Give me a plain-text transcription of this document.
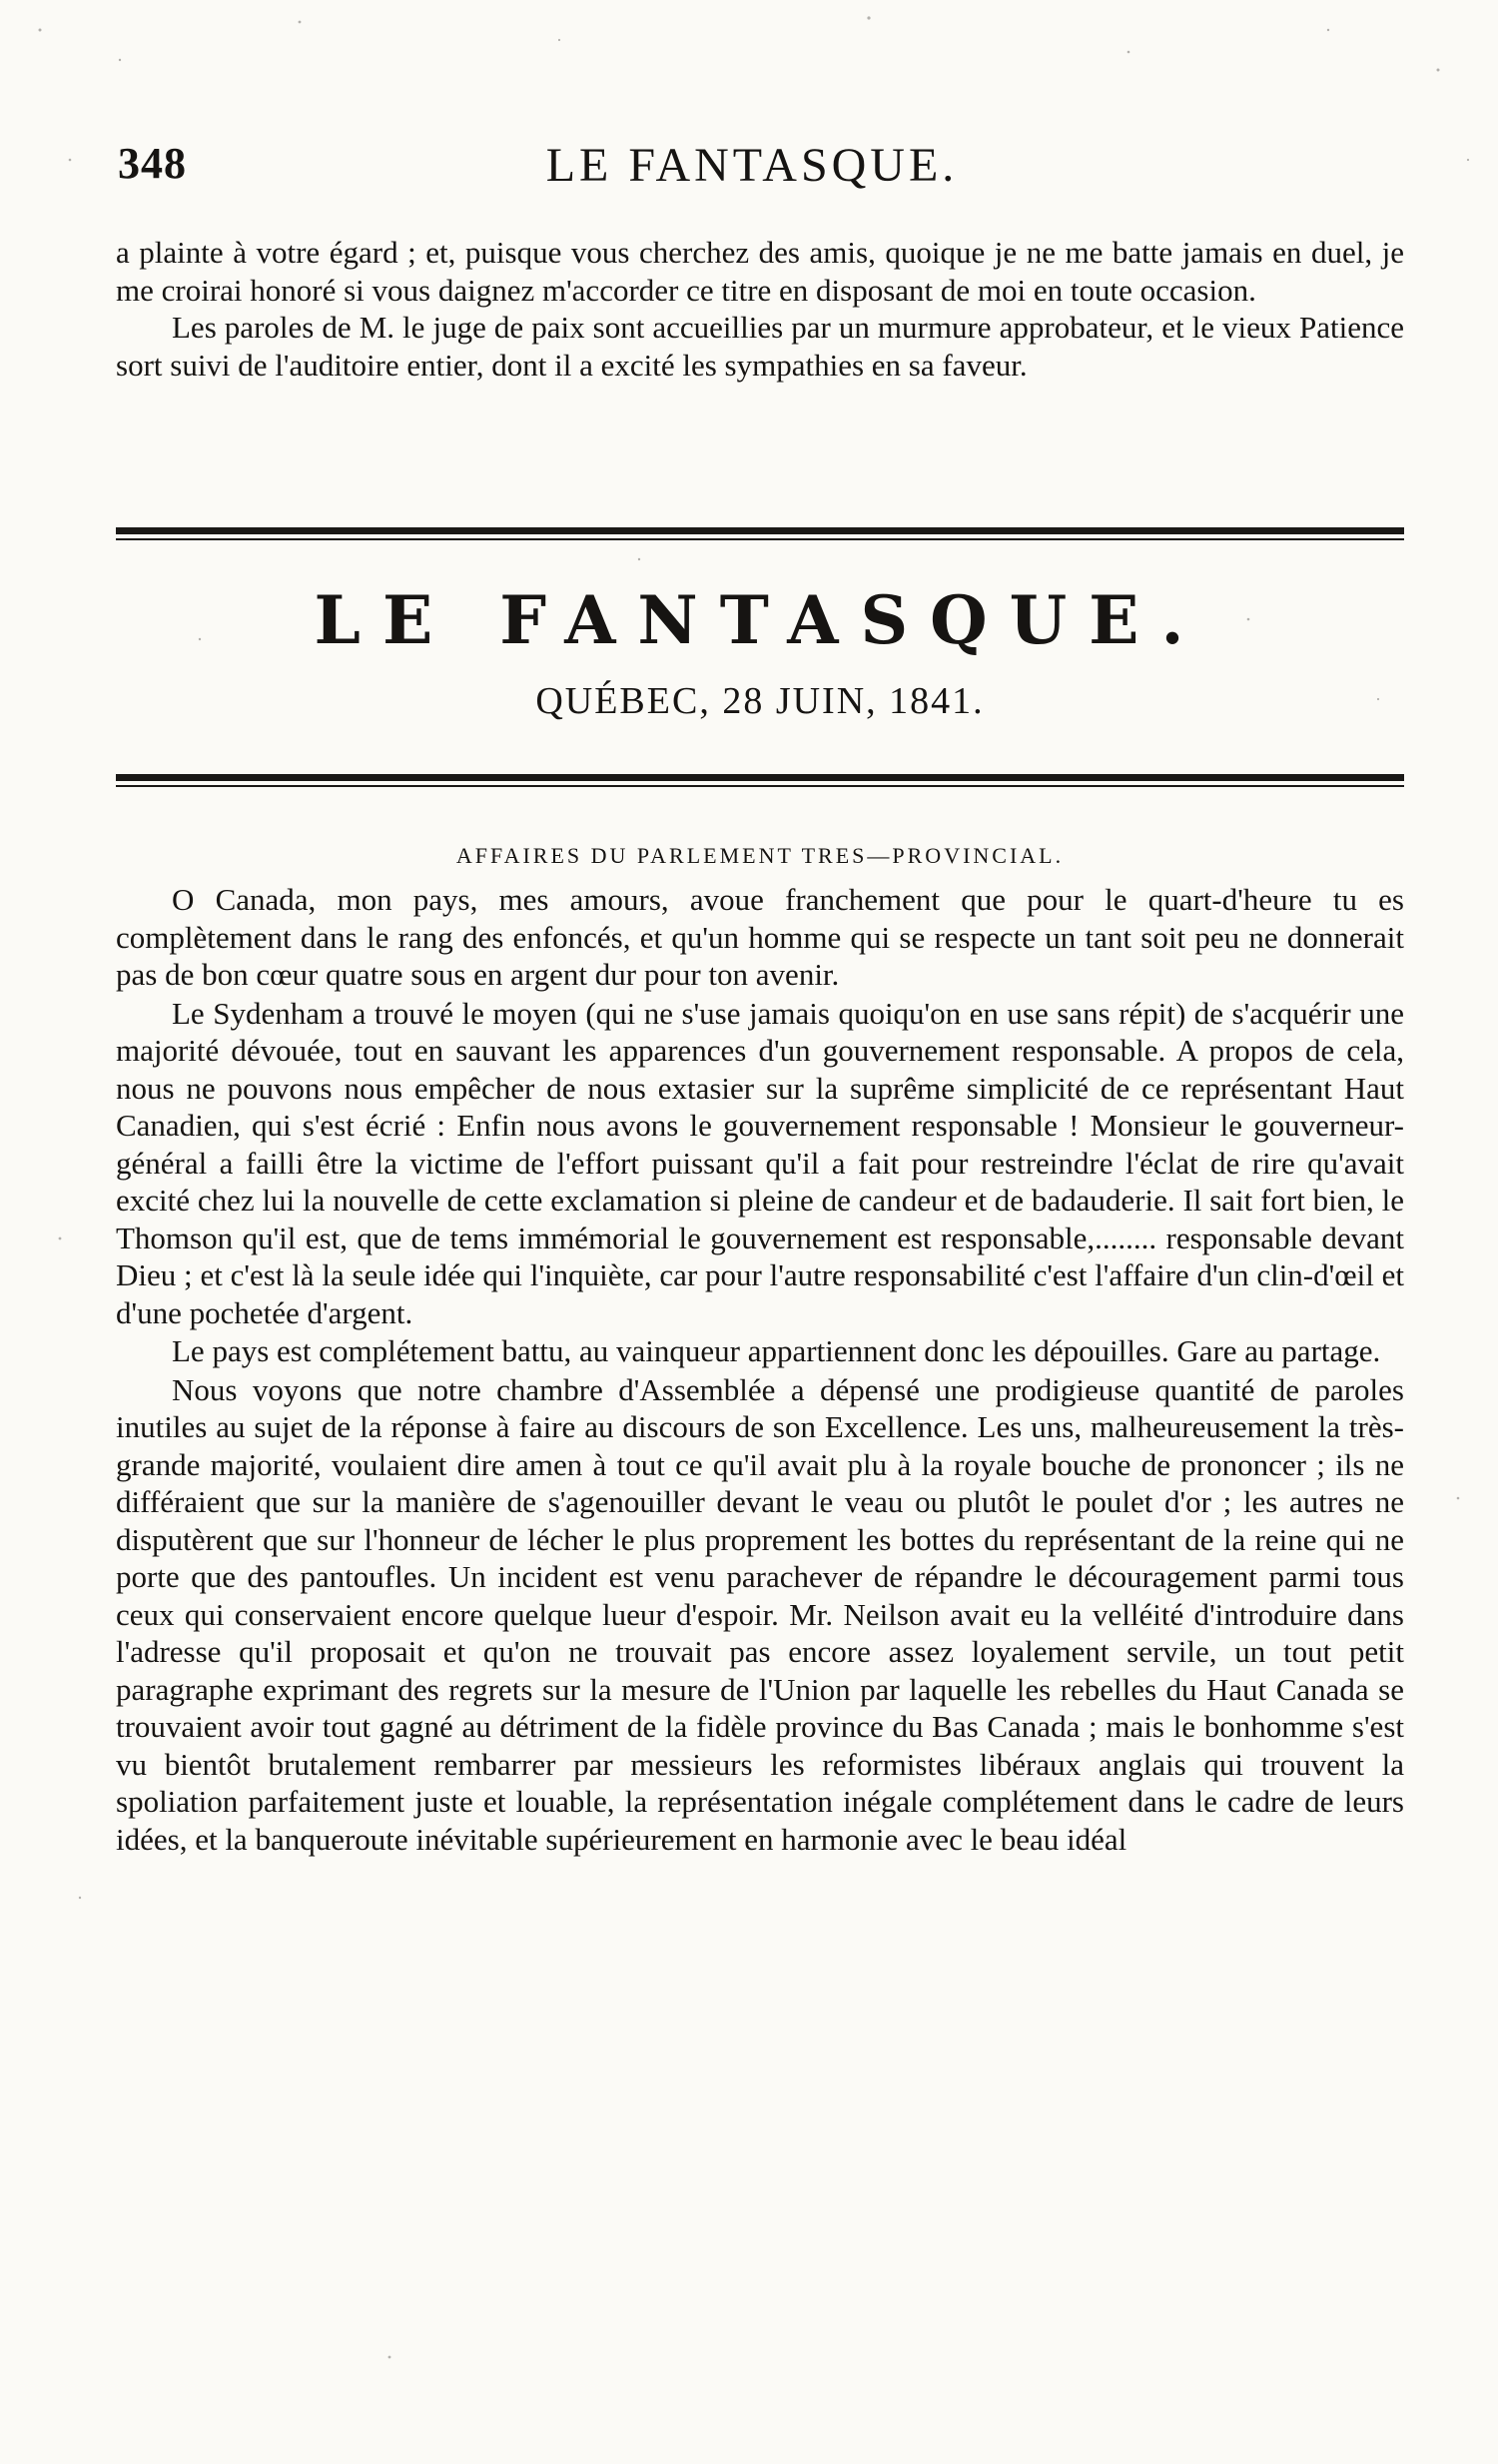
348	LE FANTASQUE.

a plainte à votre égard ; et, puisque vous cherchez des amis, quoique je ne me batte jamais en duel, je me croirai honoré si vous daignez m'accorder ce titre en disposant de moi en toute occasion.

Les paroles de M. le juge de paix sont accueillies par un murmure approbateur, et le vieux Patience sort suivi de l'auditoire entier, dont il a excité les sympathies en sa faveur.

LE FANTASQUE.
QUÉBEC, 28 JUIN, 1841.
AFFAIRES DU PARLEMENT TRES—PROVINCIAL.

O Canada, mon pays, mes amours, avoue franchement que pour le quart-d'heure tu es complètement dans le rang des enfoncés, et qu'un homme qui se respecte un tant soit peu ne donnerait pas de bon cœur quatre sous en argent dur pour ton avenir.

Le Sydenham a trouvé le moyen (qui ne s'use jamais quoiqu'on en use sans répit) de s'acquérir une majorité dévouée, tout en sauvant les apparences d'un gouvernement responsable. A propos de cela, nous ne pouvons nous empêcher de nous extasier sur la suprême simplicité de ce représentant Haut Canadien, qui s'est écrié : Enfin nous avons le gouvernement responsable ! Monsieur le gouverneur-général a failli être la victime de l'effort puissant qu'il a fait pour restreindre l'éclat de rire qu'avait excité chez lui la nouvelle de cette exclamation si pleine de candeur et de badauderie. Il sait fort bien, le Thomson qu'il est, que de tems immémorial le gouvernement est responsable,........ responsable devant Dieu ; et c'est là la seule idée qui l'inquiète, car pour l'autre responsabilité c'est l'affaire d'un clin-d'œil et d'une pochetée d'argent.

Le pays est complétement battu, au vainqueur appartiennent donc les dépouilles. Gare au partage.

Nous voyons que notre chambre d'Assemblée a dépensé une prodigieuse quantité de paroles inutiles au sujet de la réponse à faire au discours de son Excellence. Les uns, malheureusement la très-grande majorité, voulaient dire amen à tout ce qu'il avait plu à la royale bouche de prononcer ; ils ne différaient que sur la manière de s'agenouiller devant le veau ou plutôt le poulet d'or ; les autres ne disputèrent que sur l'honneur de lécher le plus proprement les bottes du représentant de la reine qui ne porte que des pantoufles. Un incident est venu parachever de répandre le découragement parmi tous ceux qui conservaient encore quelque lueur d'espoir. Mr. Neilson avait eu la velléité d'introduire dans l'adresse qu'il proposait et qu'on ne trouvait pas encore assez loyalement servile, un tout petit paragraphe exprimant des regrets sur la mesure de l'Union par laquelle les rebelles du Haut Canada se trouvaient avoir tout gagné au détriment de la fidèle province du Bas Canada ; mais le bonhomme s'est vu bientôt brutalement rembarrer par messieurs les reformistes libéraux anglais qui trouvent la spoliation parfaitement juste et louable, la représentation inégale complétement dans le cadre de leurs idées, et la banqueroute inévitable supérieurement en harmonie avec le beau idéal
